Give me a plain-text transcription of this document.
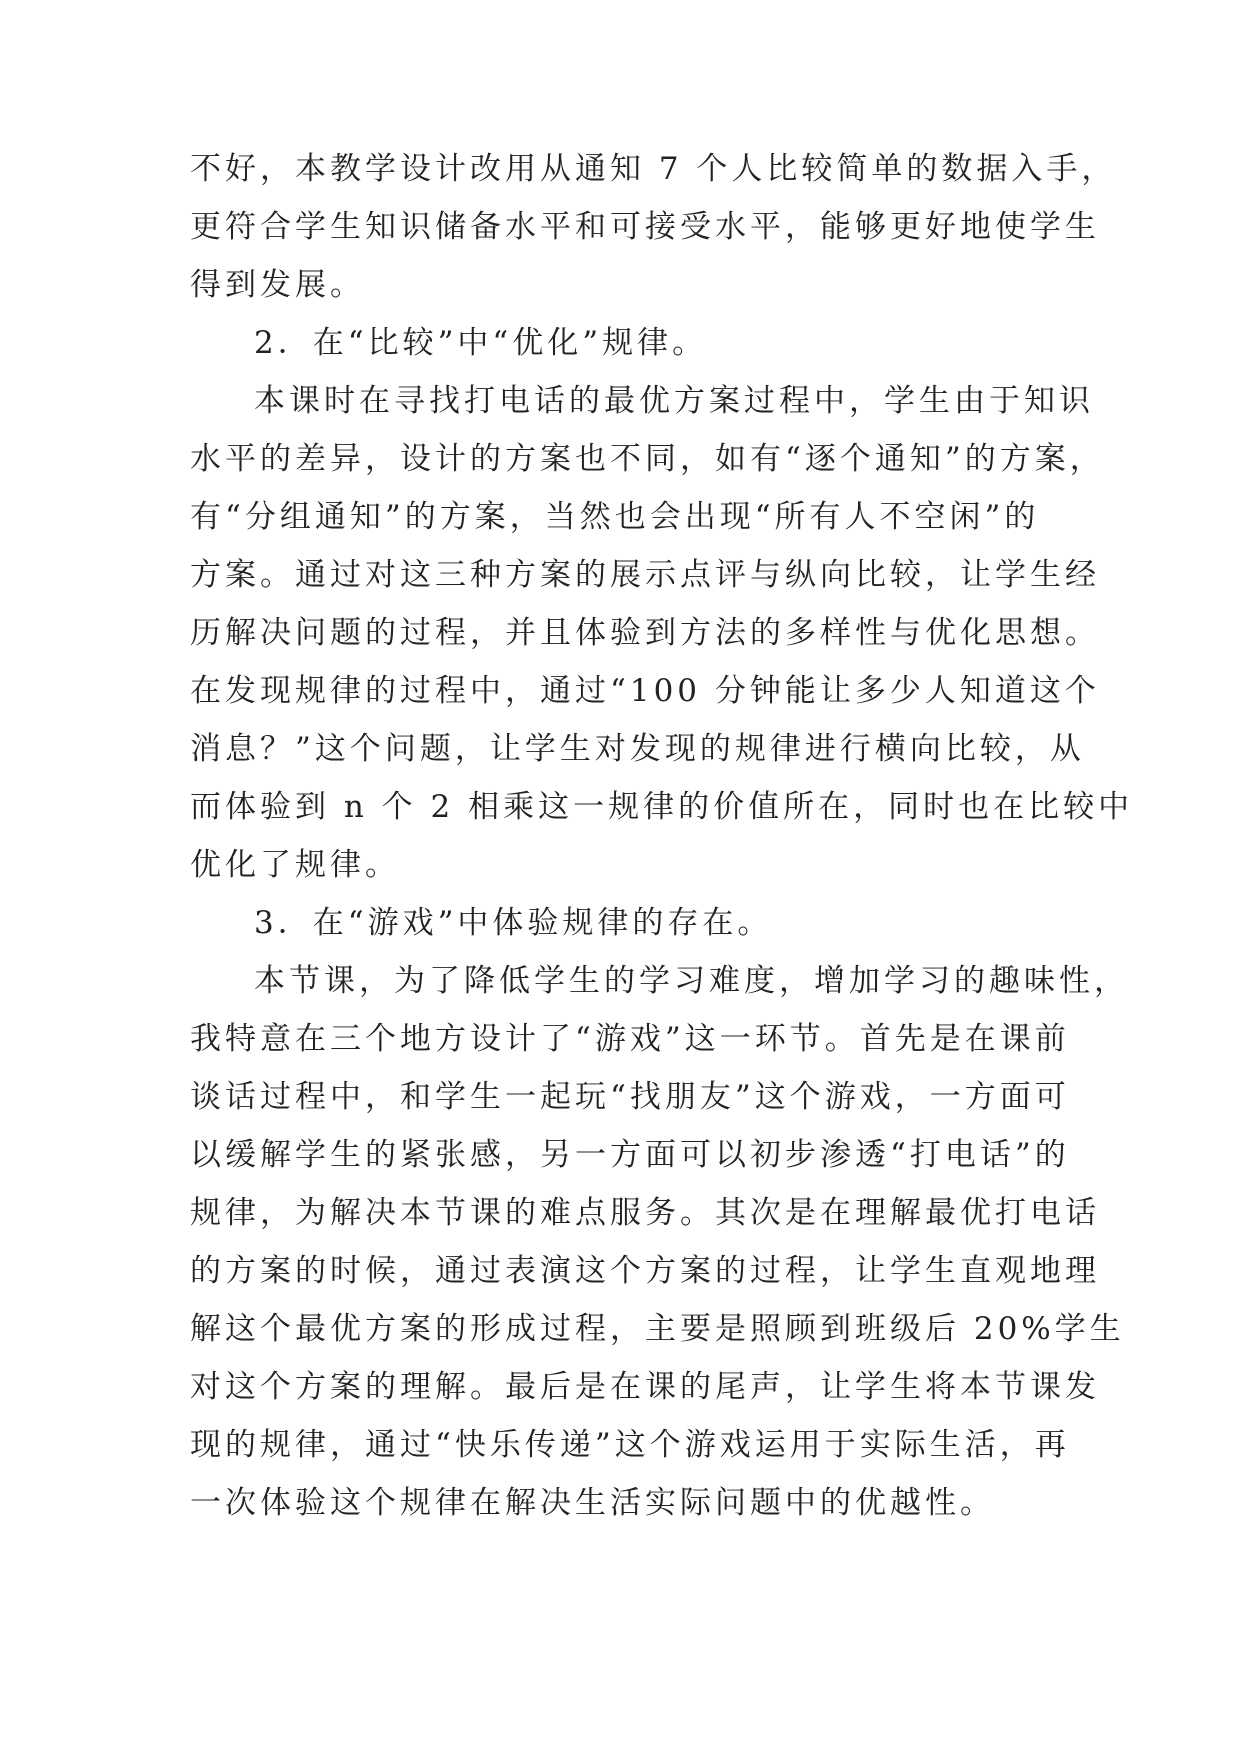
不好，本教学设计改用从通知 7 个人比较简单的数据入手，
更符合学生知识储备水平和可接受水平，能够更好地使学生
得到发展。
2．在“比较”中“优化”规律。
本课时在寻找打电话的最优方案过程中，学生由于知识
水平的差异，设计的方案也不同，如有“逐个通知”的方案，
有“分组通知”的方案，当然也会出现“所有人不空闲”的
方案。通过对这三种方案的展示点评与纵向比较，让学生经
历解决问题的过程，并且体验到方法的多样性与优化思想。
在发现规律的过程中，通过“100 分钟能让多少人知道这个
消息？”这个问题，让学生对发现的规律进行横向比较，从
而体验到 n 个 2 相乘这一规律的价值所在，同时也在比较中
优化了规律。
3．在“游戏”中体验规律的存在。
本节课，为了降低学生的学习难度，增加学习的趣味性，
我特意在三个地方设计了“游戏”这一环节。首先是在课前
谈话过程中，和学生一起玩“找朋友”这个游戏，一方面可
以缓解学生的紧张感，另一方面可以初步渗透“打电话”的
规律，为解决本节课的难点服务。其次是在理解最优打电话
的方案的时候，通过表演这个方案的过程，让学生直观地理
解这个最优方案的形成过程，主要是照顾到班级后 20%学生
对这个方案的理解。最后是在课的尾声，让学生将本节课发
现的规律，通过“快乐传递”这个游戏运用于实际生活，再
一次体验这个规律在解决生活实际问题中的优越性。
